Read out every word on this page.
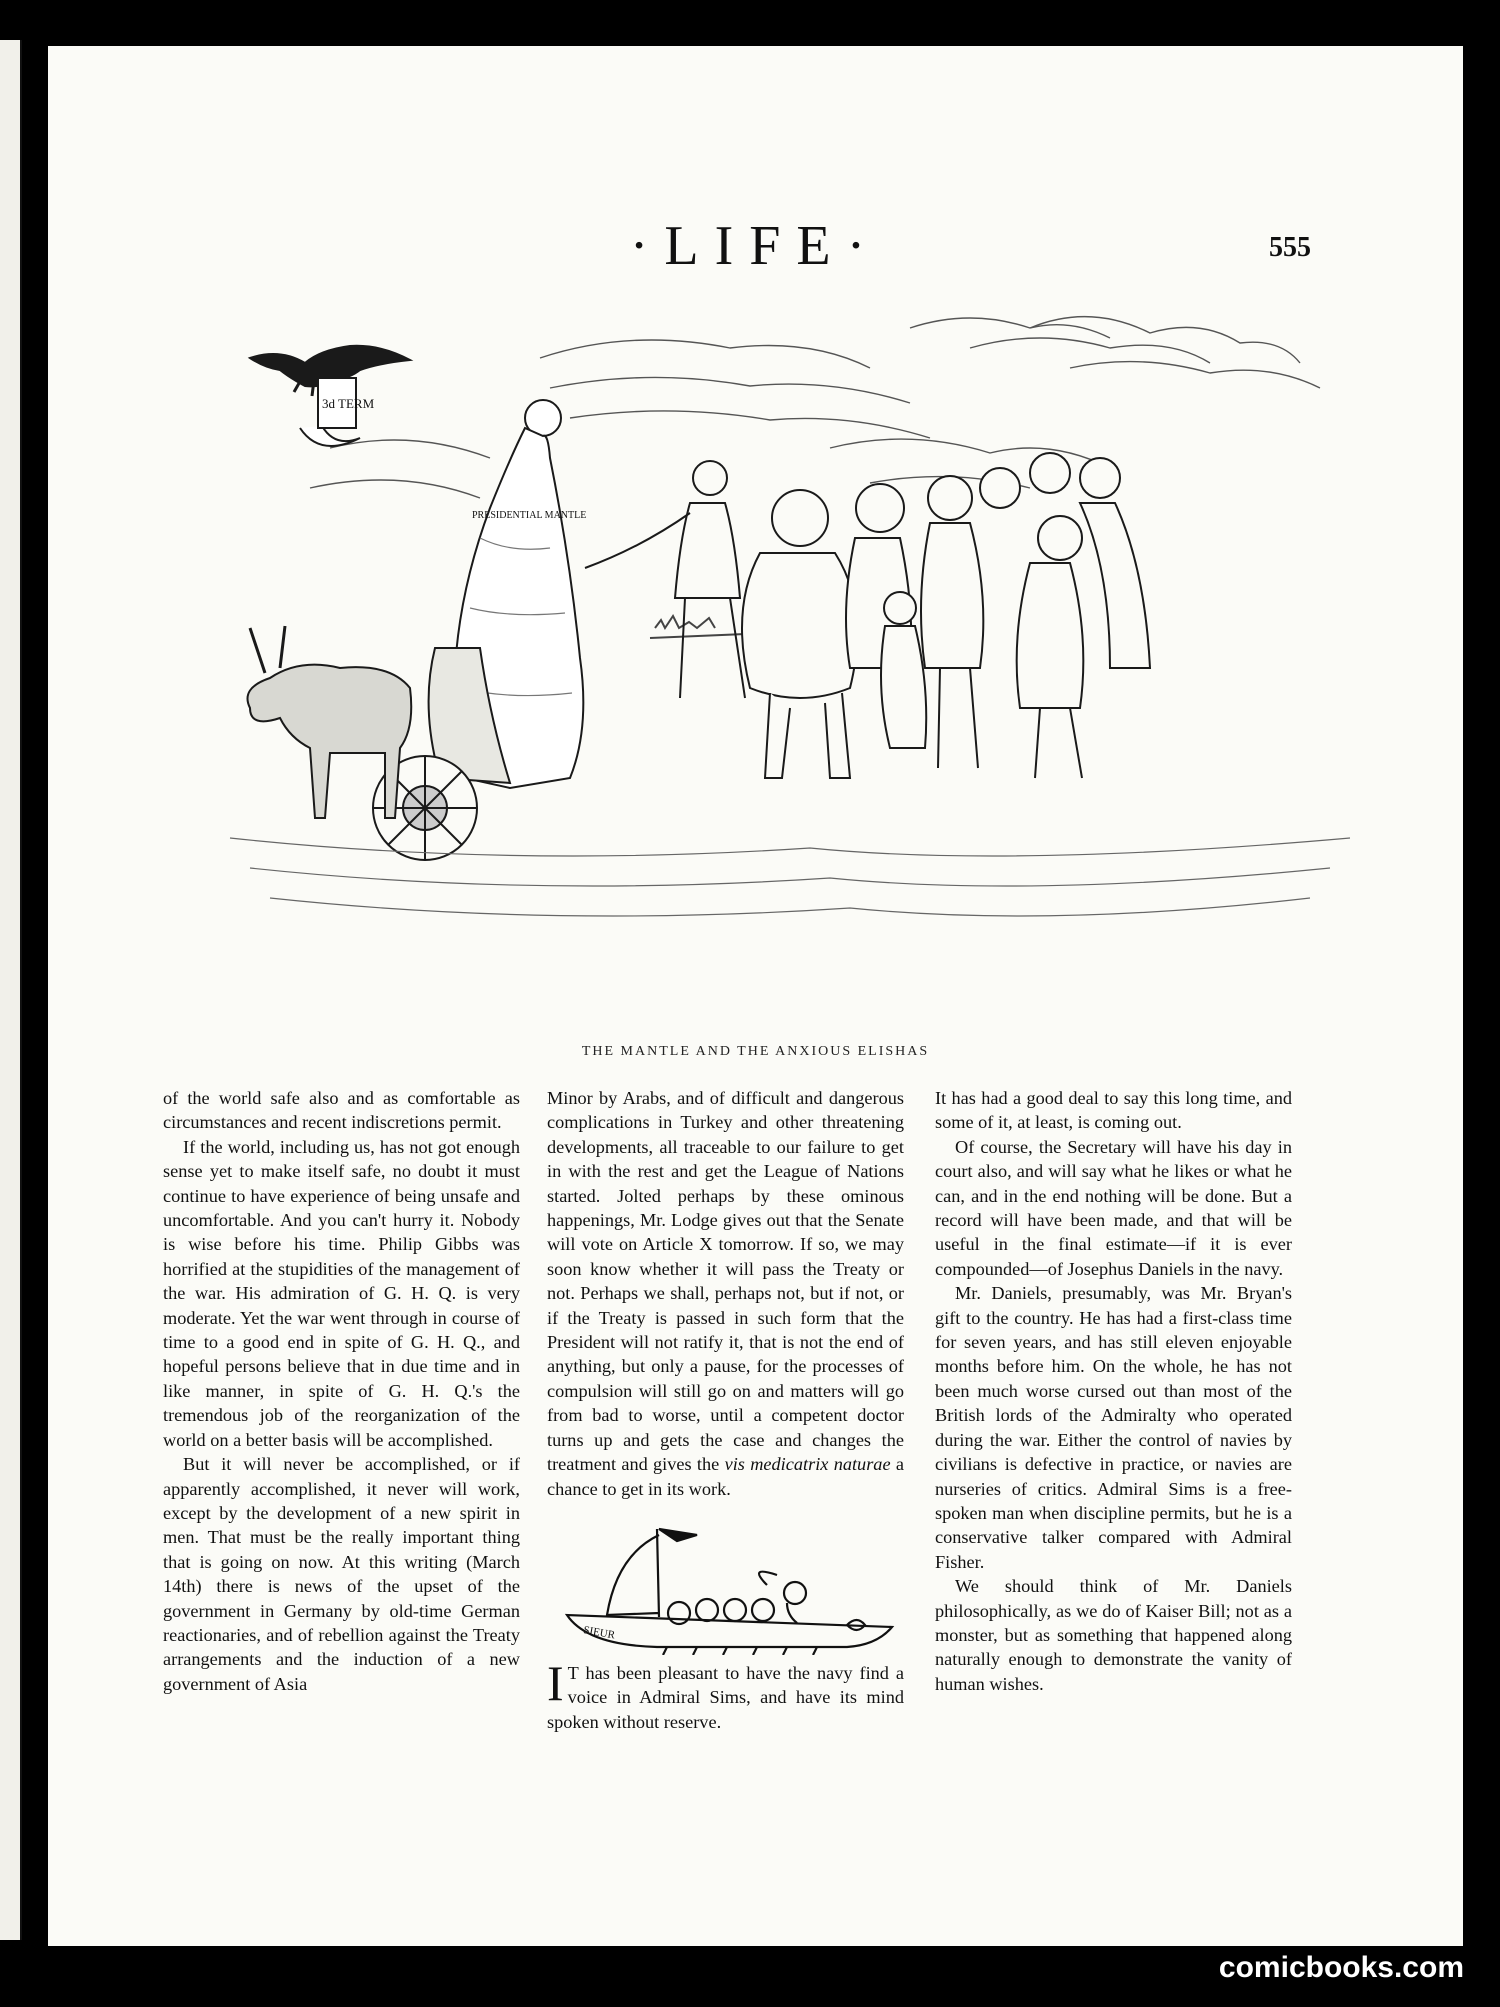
·LIFE·	555
3d TERM
PRESIDENTIAL MANTLE
THE MANTLE AND THE ANXIOUS ELISHAS

of the world safe also and as comfortable as circumstances and recent indiscretions permit.

If the world, including us, has not got enough sense yet to make itself safe, no doubt it must continue to have experience of being unsafe and uncomfortable. And you can't hurry it. Nobody is wise before his time. Philip Gibbs was horrified at the stupidities of the management of the war. His admiration of G. H. Q. is very moderate. Yet the war went through in course of time to a good end in spite of G. H. Q., and hopeful persons believe that in due time and in like manner, in spite of G. H. Q.'s the tremendous job of the reorganization of the world on a better basis will be accomplished.

But it will never be accomplished, or if apparently accomplished, it never will work, except by the development of a new spirit in men. That must be the really important thing that is going on now. At this writing (March 14th) there is news of the upset of the government in Germany by old-time German reactionaries, and of rebellion against the Treaty arrangements and the induction of a new government of Asia

Minor by Arabs, and of difficult and dangerous complications in Turkey and other threatening developments, all traceable to our failure to get in with the rest and get the League of Nations started. Jolted perhaps by these ominous happenings, Mr. Lodge gives out that the Senate will vote on Article X tomorrow. If so, we may soon know whether it will pass the Treaty or not. Perhaps we shall, perhaps not, but if not, or if the Treaty is passed in such form that the President will not ratify it, that is not the end of anything, but only a pause, for the processes of compulsion will still go on and matters will go from bad to worse, until a competent doctor turns up and gets the case and changes the treatment and gives the vis medicatrix naturae a chance to get in its work.

SIEUR

I T has been pleasant to have the navy find a voice in Admiral Sims, and have its mind spoken without reserve.

It has had a good deal to say this long time, and some of it, at least, is coming out.

Of course, the Secretary will have his day in court also, and will say what he likes or what he can, and in the end nothing will be done. But a record will have been made, and that will be useful in the final estimate—if it is ever compounded—of Josephus Daniels in the navy.

Mr. Daniels, presumably, was Mr. Bryan's gift to the country. He has had a first-class time for seven years, and has still eleven enjoyable months before him. On the whole, he has not been much worse cursed out than most of the British lords of the Admiralty who operated during the war. Either the control of navies by civilians is defective in practice, or navies are nurseries of critics. Admiral Sims is a free-spoken man when discipline permits, but he is a conservative talker compared with Admiral Fisher.

We should think of Mr. Daniels philosophically, as we do of Kaiser Bill; not as a monster, but as something that happened along naturally enough to demonstrate the vanity of human wishes.

comicbooks.com
